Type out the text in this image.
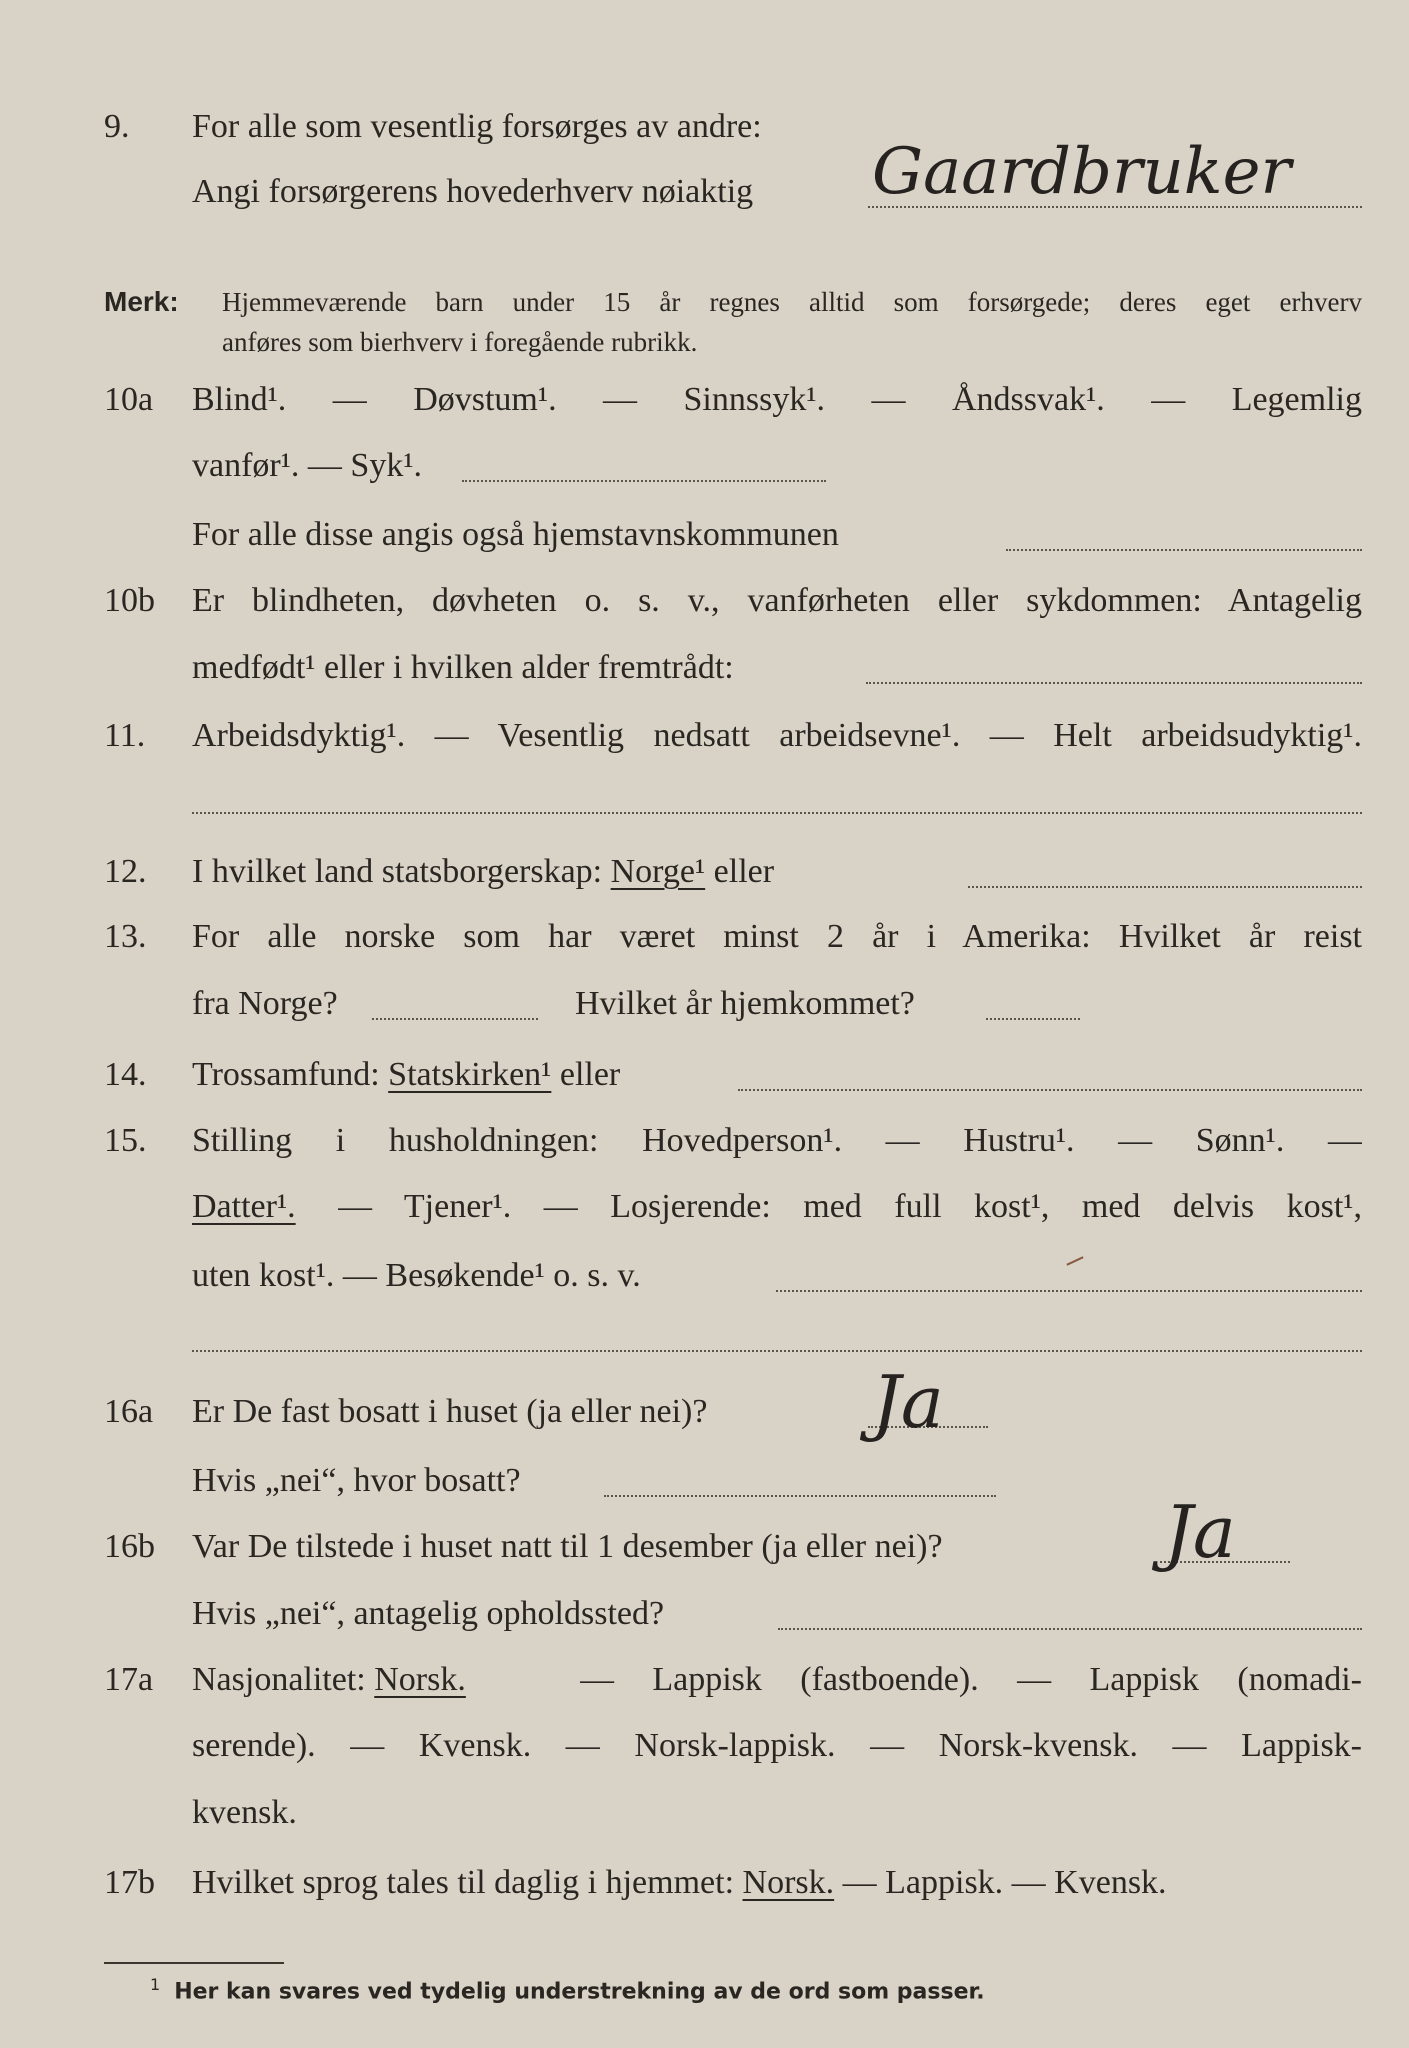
9. For alle som vesentlig forsørges av andre:
Angi forsørgerens hovederhverv nøiaktig Gaardbruker
Merk: Hjemmeværende barn under 15 år regnes alltid som forsørgede; deres eget erhverv
anføres som bierhverv i foregående rubrikk.
10a Blind¹. — Døvstum¹. — Sinnssyk¹. — Åndssvak¹. — Legemlig
vanfør¹. — Syk¹.
For alle disse angis også hjemstavnskommunen
10b Er blindheten, døvheten o. s. v., vanførheten eller sykdommen: Antagelig
medfødt¹ eller i hvilken alder fremtrådt:
11. Arbeidsdyktig¹. — Vesentlig nedsatt arbeidsevne¹. — Helt arbeidsudyktig¹.
12. I hvilket land statsborgerskap: Norge¹ eller
13. For alle norske som har været minst 2 år i Amerika: Hvilket år reist
fra Norge?	Hvilket år hjemkommet?
14. Trossamfund: Statskirken¹ eller
15. Stilling i husholdningen: Hovedperson¹. — Hustru¹. — Sønn¹. —
Datter¹. — Tjener¹. — Losjerende: med full kost¹, med delvis kost¹,
uten kost¹. — Besøkende¹ o. s. v.
16a Er De fast bosatt i huset (ja eller nei)? Ja
Hvis „nei“, hvor bosatt?
16b Var De tilstede i huset natt til 1 desember (ja eller nei)?	Ja
Hvis „nei“, antagelig opholdssted?
17a Nasjonalitet: Norsk.	— Lappisk (fastboende). — Lappisk (nomadi-
serende). — Kvensk. — Norsk-lappisk. — Norsk-kvensk. — Lappisk-
kvensk.
17b Hvilket sprog tales til daglig i hjemmet: Norsk. — Lappisk. — Kvensk.
$^1$ Her kan svares ved tydelig understrekning av de ord som passer.
